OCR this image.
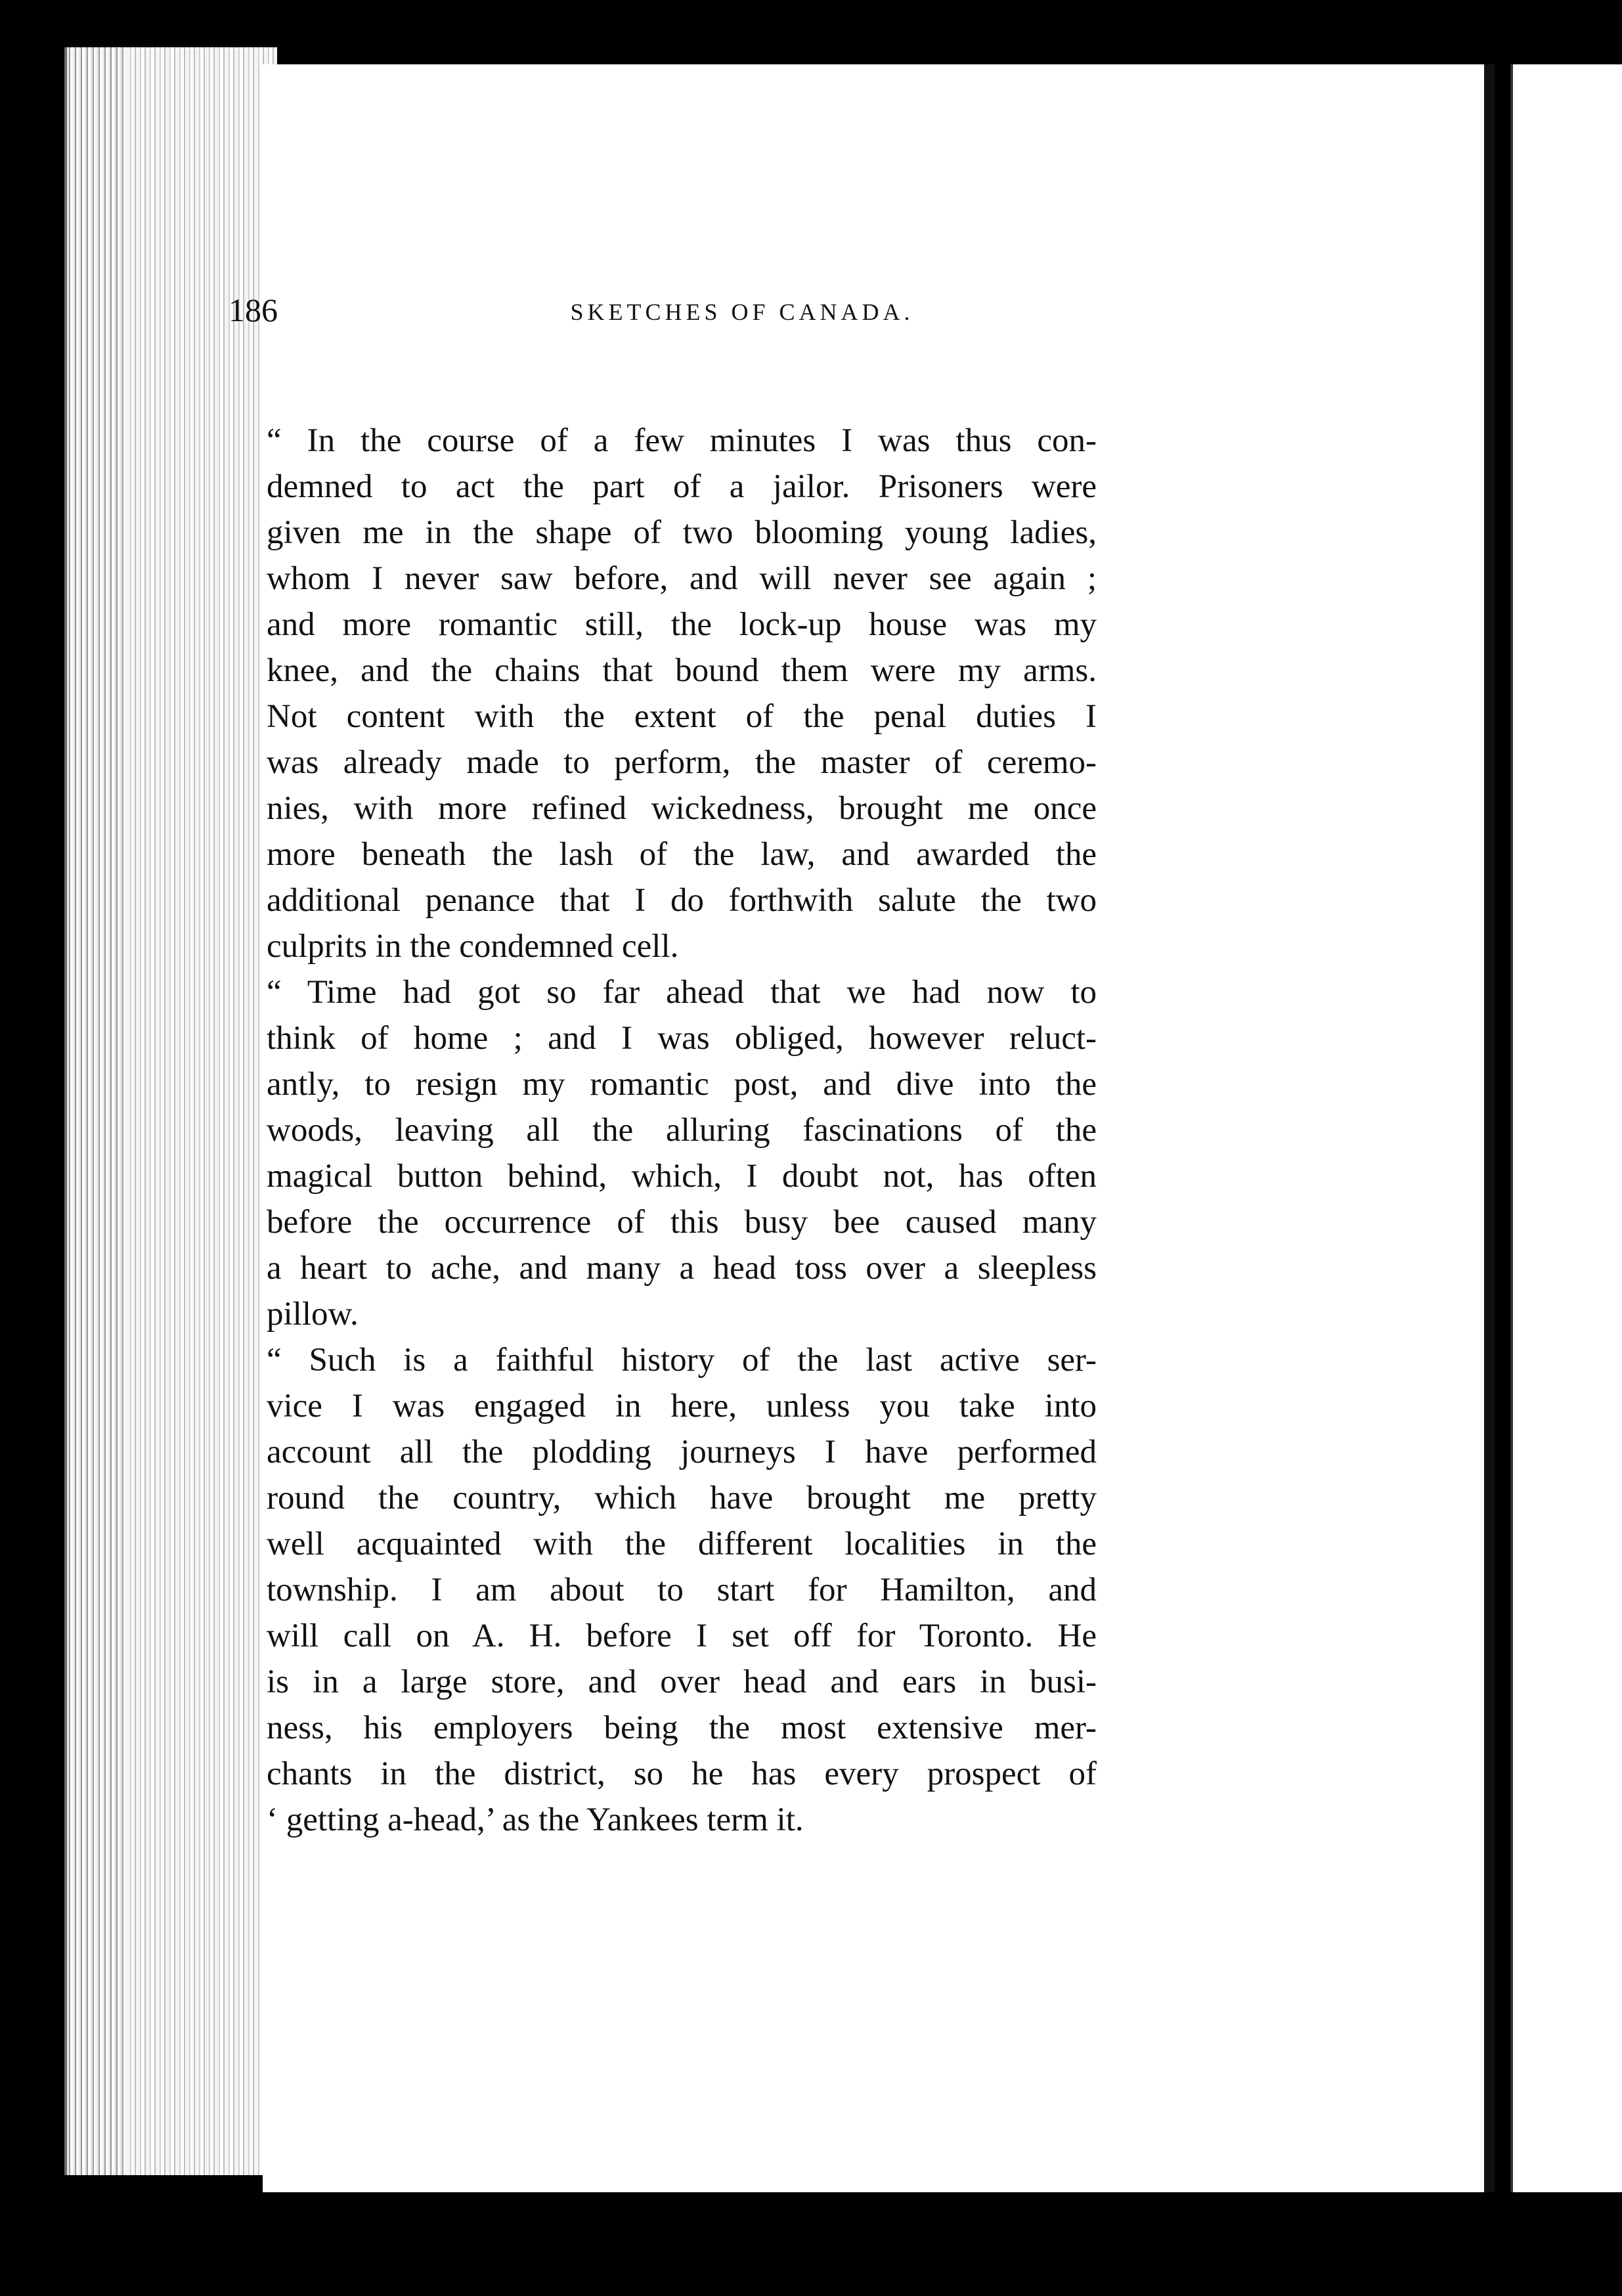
186	SKETCHES OF CANADA.
“ In the course of a few minutes I was thus con-
demned to act the part of a jailor. Prisoners were
given me in the shape of two blooming young ladies,
whom I never saw before, and will never see again ;
and more romantic still, the lock-up house was my
knee, and the chains that bound them were my arms.
Not content with the extent of the penal duties I
was already made to perform, the master of ceremo-
nies, with more refined wickedness, brought me once
more beneath the lash of the law, and awarded the
additional penance that I do forthwith salute the two
culprits in the condemned cell.
“ Time had got so far ahead that we had now to
think of home ; and I was obliged, however reluct-
antly, to resign my romantic post, and dive into the
woods, leaving all the alluring fascinations of the
magical button behind, which, I doubt not, has often
before the occurrence of this busy bee caused many
a heart to ache, and many a head toss over a sleepless
pillow.
“ Such is a faithful history of the last active ser-
vice I was engaged in here, unless you take into
account all the plodding journeys I have performed
round the country, which have brought me pretty
well acquainted with the different localities in the
township. I am about to start for Hamilton, and
will call on A. H. before I set off for Toronto. He
is in a large store, and over head and ears in busi-
ness, his employers being the most extensive mer-
chants in the district, so he has every prospect of
‘ getting a-head,’ as the Yankees term it.
